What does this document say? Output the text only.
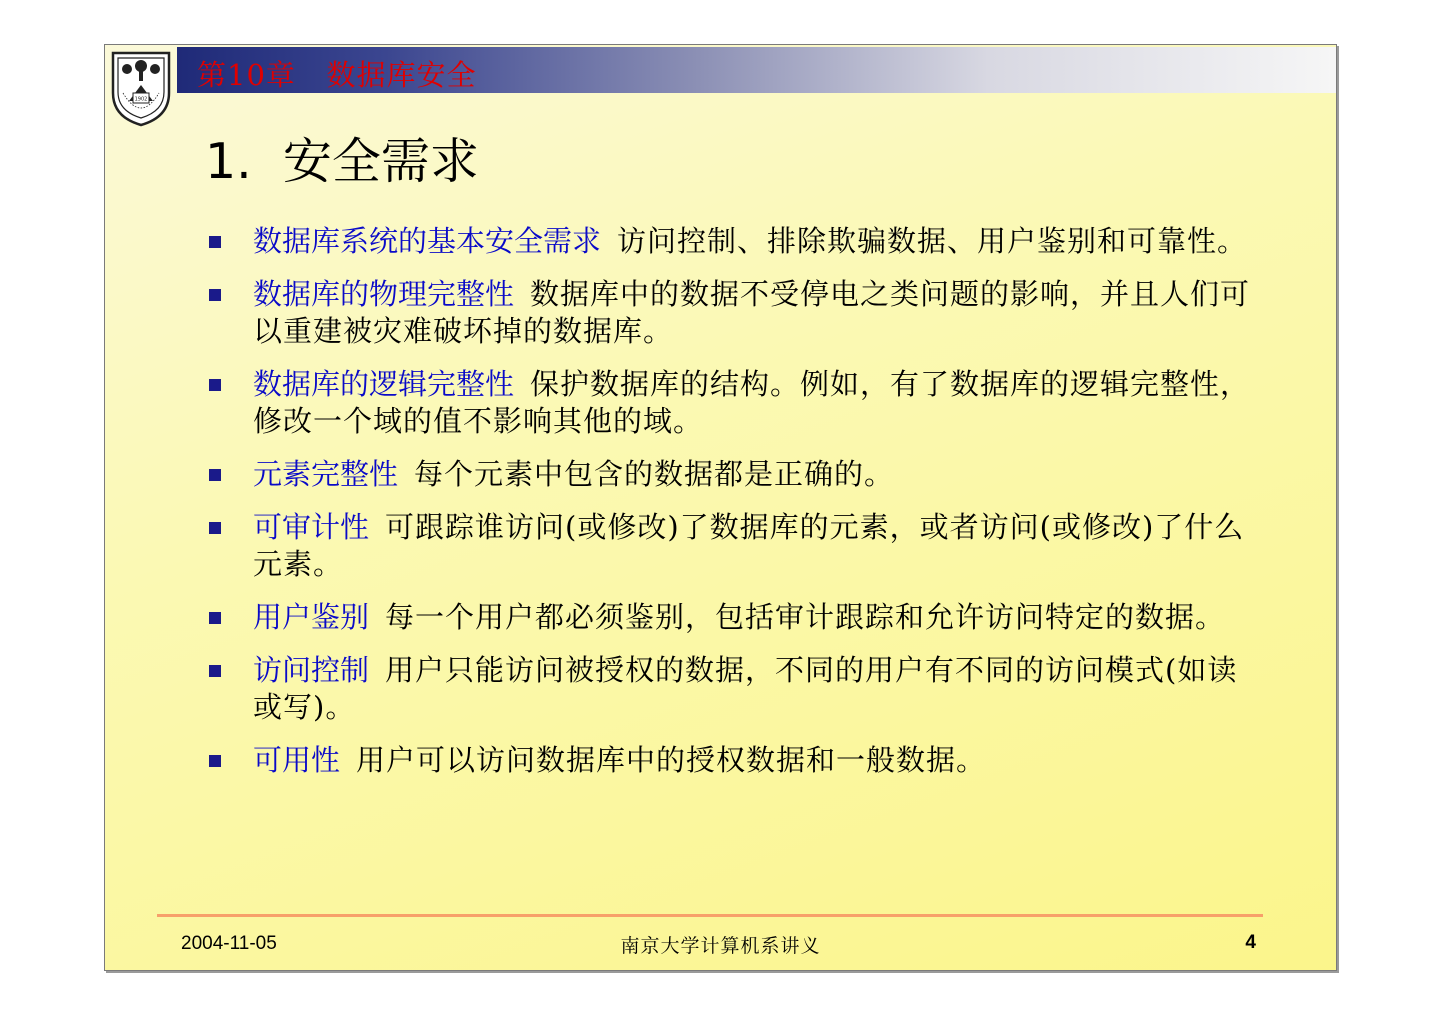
1902
第10章   数据库安全
1.  安全需求
数据库系统的基本安全需求 访问控制、排除欺骗数据、用户鉴别和可靠性。
数据库的物理完整性 数据库中的数据不受停电之类问题的影响，并且人们可以重建被灾难破坏掉的数据库。
数据库的逻辑完整性 保护数据库的结构。例如，有了数据库的逻辑完整性，修改一个域的值不影响其他的域。
元素完整性 每个元素中包含的数据都是正确的。
可审计性 可跟踪谁访问(或修改)了数据库的元素，或者访问(或修改)了什么元素。
用户鉴别 每一个用户都必须鉴别，包括审计跟踪和允许访问特定的数据。
访问控制 用户只能访问被授权的数据，不同的用户有不同的访问模式(如读或写)。
可用性 用户可以访问数据库中的授权数据和一般数据。
2004-11-05	南京大学计算机系讲义	4
